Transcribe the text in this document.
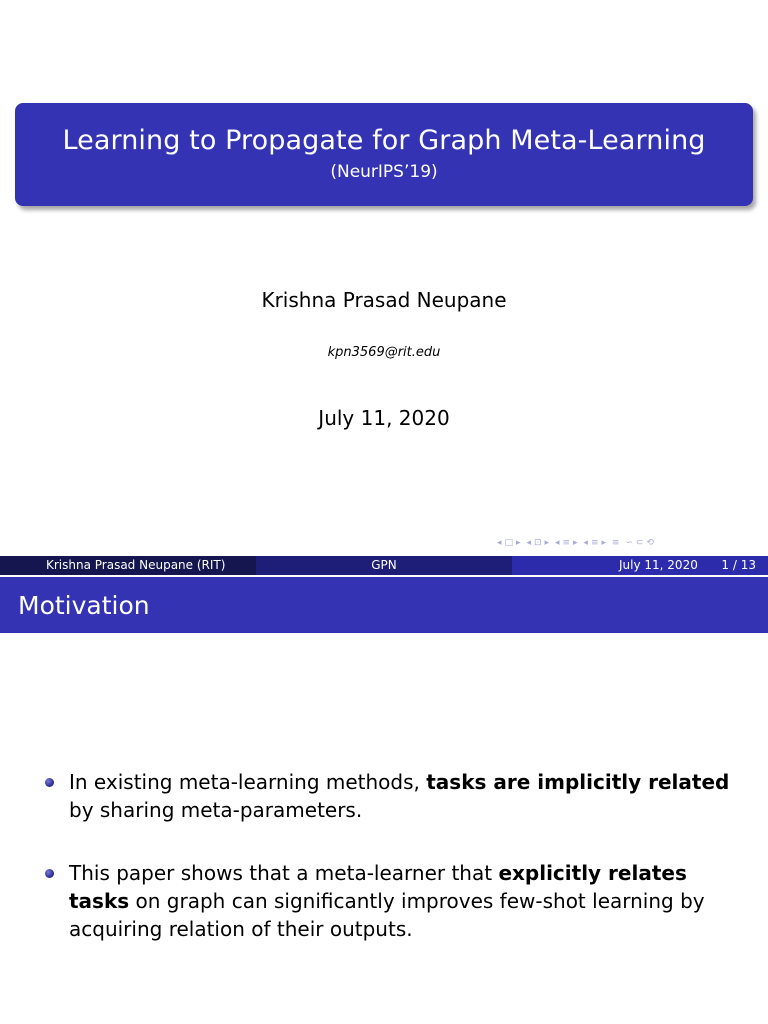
Learning to Propagate for Graph Meta-Learning
(NeurIPS’19)
Krishna Prasad Neupane
kpn3569@rit.edu
July 11, 2020
◂ □ ▸ ◂ ⊡ ▸ ◂ ≡ ▸ ◂ ≡ ▸ ≡ ∽ ⊂ ⟲
Krishna Prasad Neupane (RIT)	GPN	July 11, 2020 1 / 13
Motivation
In existing meta-learning methods, tasks are implicitly related by sharing meta-parameters.
This paper shows that a meta-learner that explicitly relates tasks on graph can significantly improves few-shot learning by acquiring relation of their outputs.
